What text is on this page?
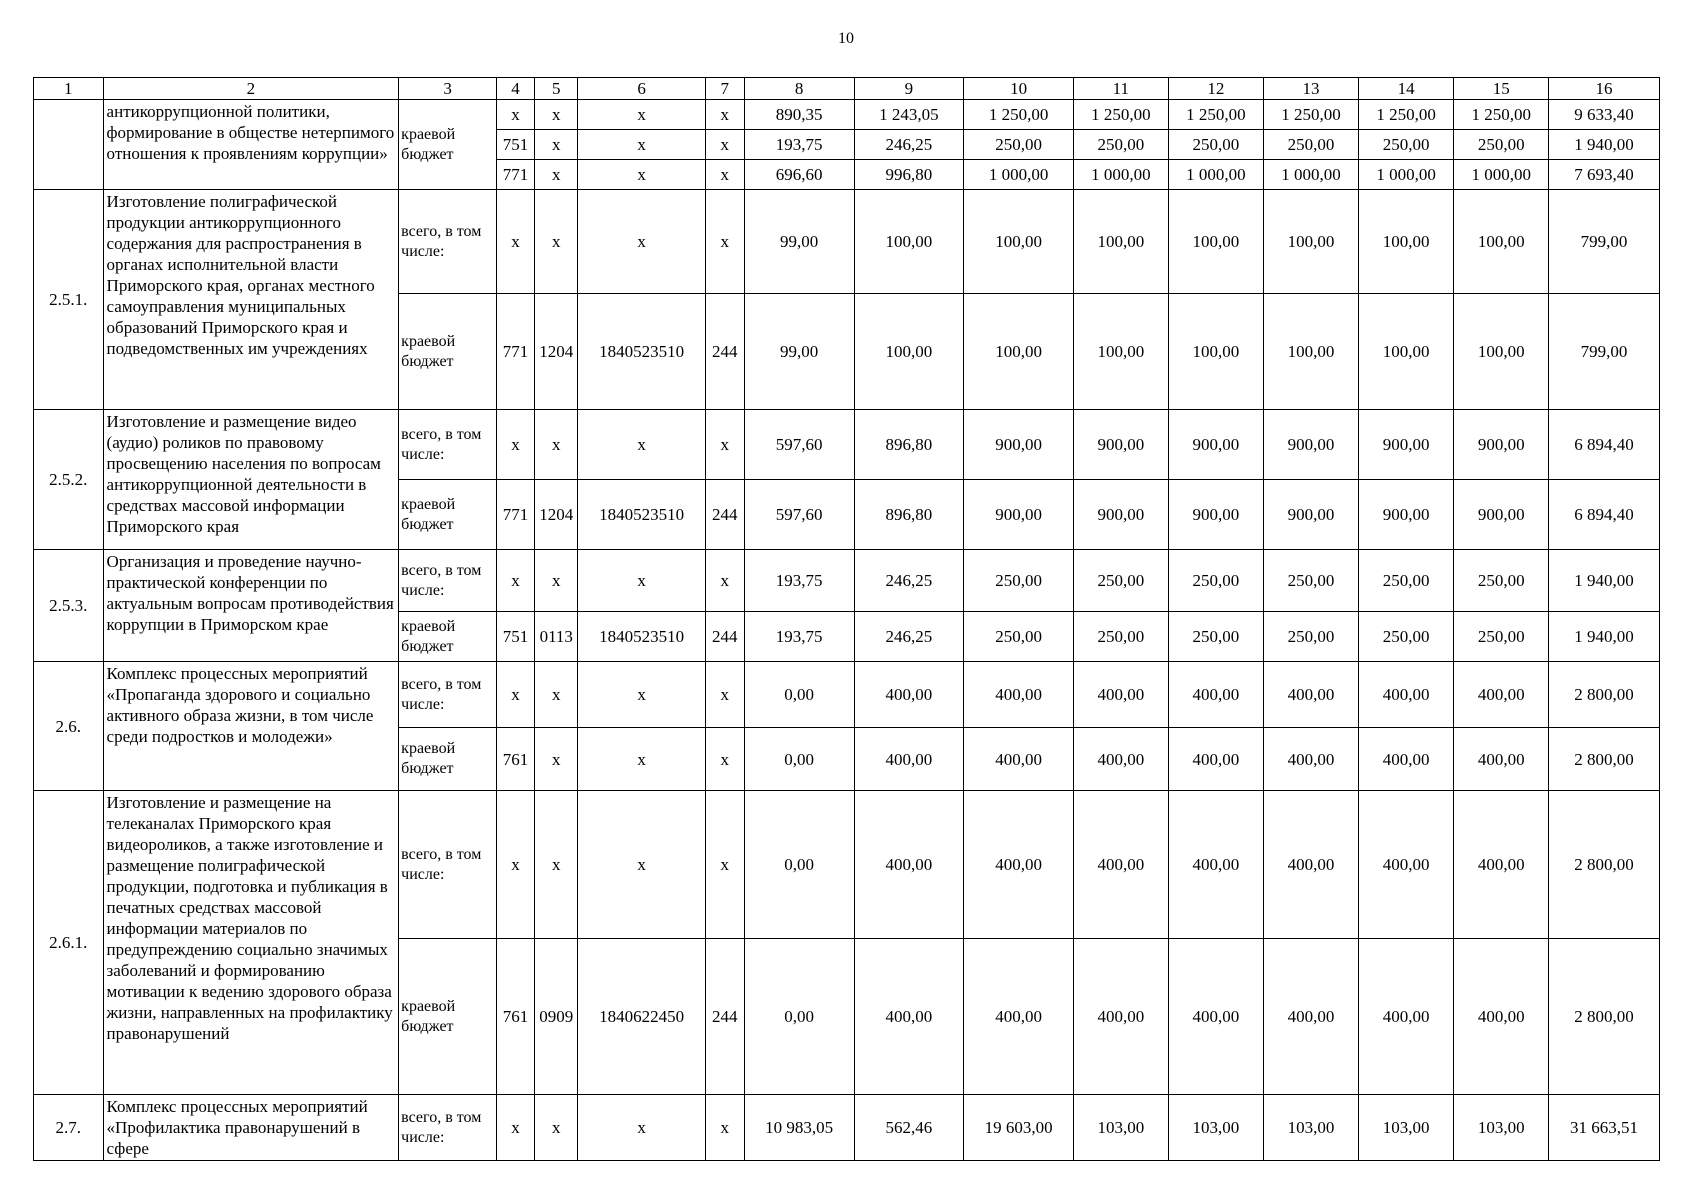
10
1	2	3	4	5	6	7	8	9	10	11	12	13	14	15	16
	антикоррупционной политики, формирование в обществе нетерпимого отношения к проявлениям коррупции»	краевой бюджет	х	х	х	х	890,35	1 243,05	1 250,00	1 250,00	1 250,00	1 250,00	1 250,00	1 250,00	9 633,40
			751	х	х	х	193,75	246,25	250,00	250,00	250,00	250,00	250,00	250,00	1 940,00
			771	х	х	х	696,60	996,80	1 000,00	1 000,00	1 000,00	1 000,00	1 000,00	1 000,00	7 693,40
2.5.1.	Изготовление полиграфической продукции антикоррупционного содержания для распространения в органах исполнительной власти Приморского края, органах местного самоуправления муниципальных образований Приморского края и подведомственных им учреждениях	всего, в том числе:	х	х	х	х	99,00	100,00	100,00	100,00	100,00	100,00	100,00	100,00	799,00
		краевой бюджет	771	1204	1840523510	244	99,00	100,00	100,00	100,00	100,00	100,00	100,00	100,00	799,00
2.5.2.	Изготовление и размещение видео (аудио) роликов по правовому просвещению населения по вопросам антикоррупционной деятельности в средствах массовой информации Приморского края	всего, в том числе:	х	х	х	х	597,60	896,80	900,00	900,00	900,00	900,00	900,00	900,00	6 894,40
		краевой бюджет	771	1204	1840523510	244	597,60	896,80	900,00	900,00	900,00	900,00	900,00	900,00	6 894,40
2.5.3.	Организация и проведение научно-практической конференции по актуальным вопросам противодействия коррупции в Приморском крае	всего, в том числе:	х	х	х	х	193,75	246,25	250,00	250,00	250,00	250,00	250,00	250,00	1 940,00
		краевой бюджет	751	0113	1840523510	244	193,75	246,25	250,00	250,00	250,00	250,00	250,00	250,00	1 940,00
2.6.	Комплекс процессных мероприятий «Пропаганда здорового и социально активного образа жизни, в том числе среди подростков и молодежи»	всего, в том числе:	х	х	х	х	0,00	400,00	400,00	400,00	400,00	400,00	400,00	400,00	2 800,00
		краевой бюджет	761	х	х	х	0,00	400,00	400,00	400,00	400,00	400,00	400,00	400,00	2 800,00
2.6.1.	Изготовление и размещение на телеканалах Приморского края видеороликов, а также изготовление и размещение полиграфической продукции, подготовка и публикация в печатных средствах массовой информации материалов по предупреждению социально значимых заболеваний и формированию мотивации к ведению здорового образа жизни, направленных на профилактику правонарушений	всего, в том числе:	х	х	х	х	0,00	400,00	400,00	400,00	400,00	400,00	400,00	400,00	2 800,00
		краевой бюджет	761	0909	1840622450	244	0,00	400,00	400,00	400,00	400,00	400,00	400,00	400,00	2 800,00
2.7.	Комплекс процессных мероприятий «Профилактика правонарушений в сфере	всего, в том числе:	х	х	х	х	10 983,05	562,46	19 603,00	103,00	103,00	103,00	103,00	103,00	31 663,51
